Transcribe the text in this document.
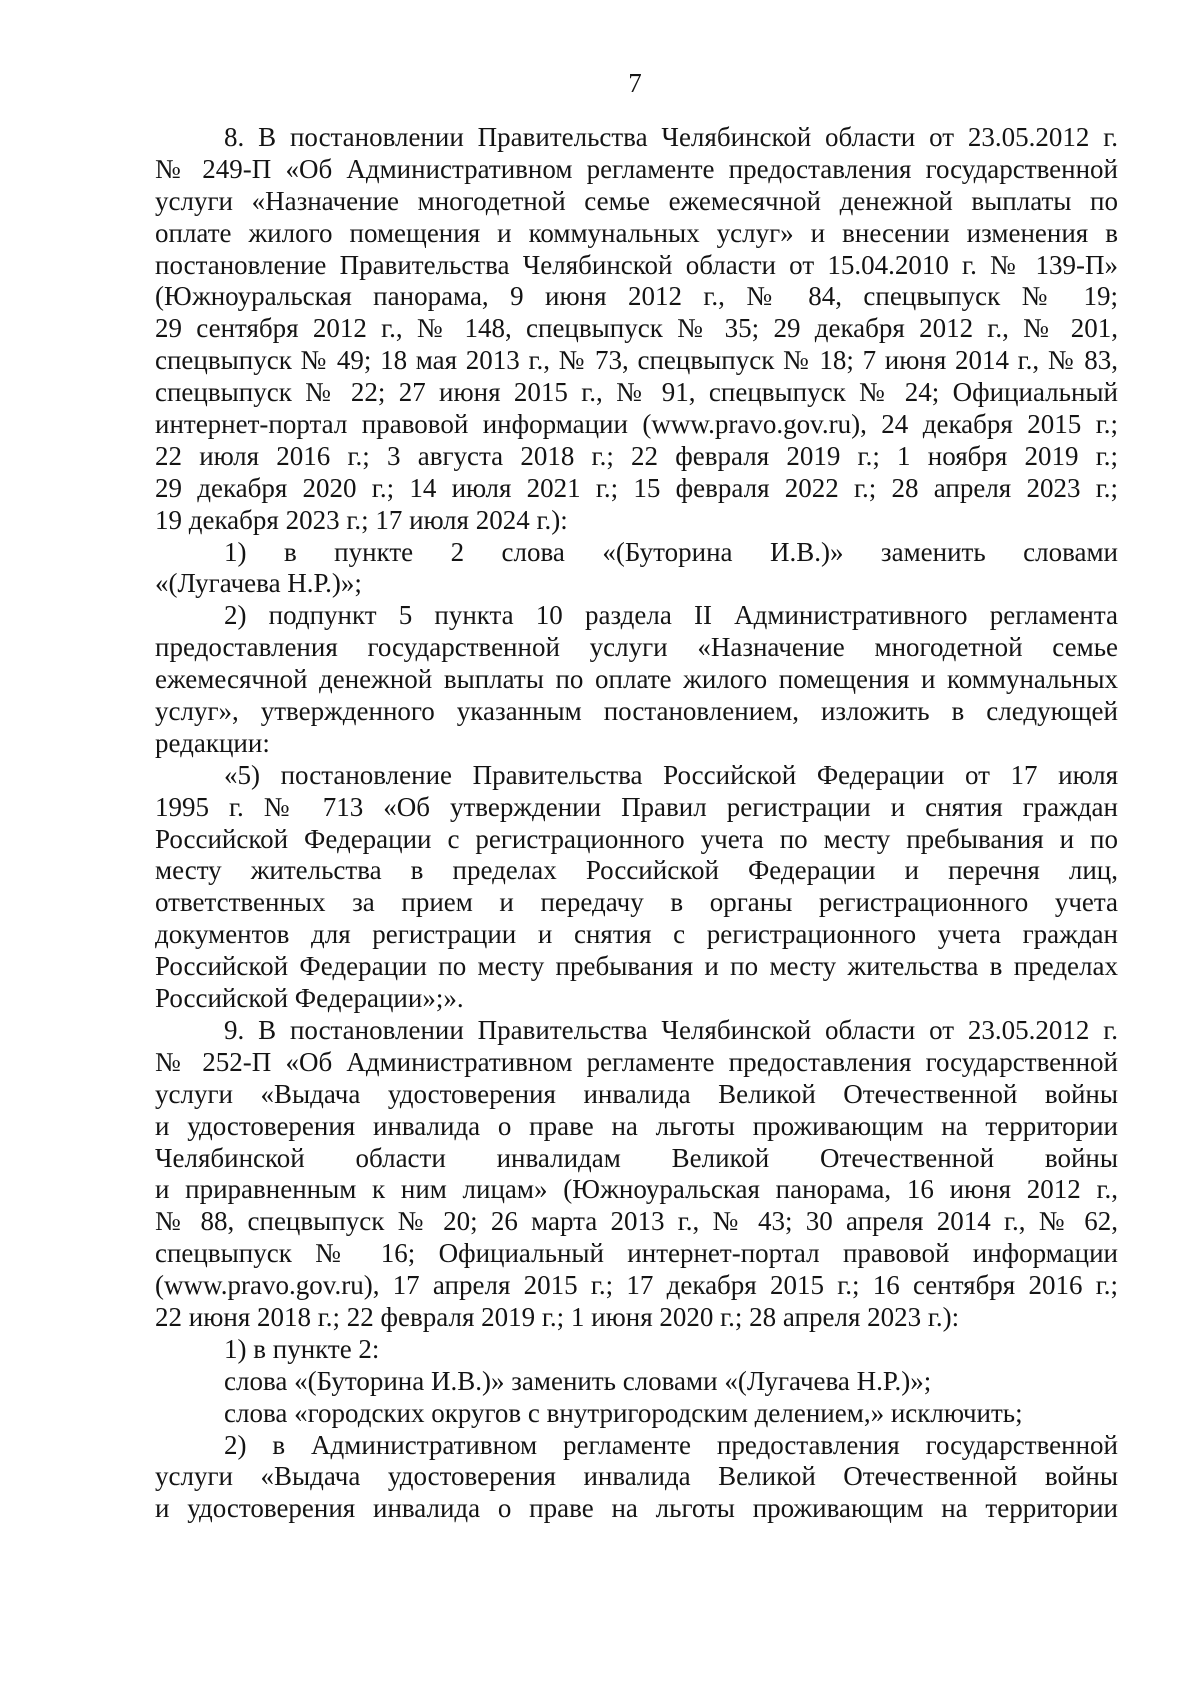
7
8. В постановлении Правительства Челябинской области от 23.05.2012 г.
№ 249-П «Об Административном регламенте предоставления государственной
услуги «Назначение многодетной семье ежемесячной денежной выплаты по
оплате жилого помещения и коммунальных услуг» и внесении изменения в
постановление Правительства Челябинской области от 15.04.2010 г. № 139-П»
(Южноуральская панорама, 9 июня 2012 г., № 84, спецвыпуск № 19;
29 сентября 2012 г., № 148, спецвыпуск № 35; 29 декабря 2012 г., № 201,
спецвыпуск № 49; 18 мая 2013 г., № 73, спецвыпуск № 18; 7 июня 2014 г., № 83,
спецвыпуск № 22; 27 июня 2015 г., № 91, спецвыпуск № 24; Официальный
интернет-портал правовой информации (www.pravo.gov.ru), 24 декабря 2015 г.;
22 июля 2016 г.; 3 августа 2018 г.; 22 февраля 2019 г.; 1 ноября 2019 г.;
29 декабря 2020 г.; 14 июля 2021 г.; 15 февраля 2022 г.; 28 апреля 2023 г.;
19 декабря 2023 г.; 17 июля 2024 г.):
1) в пункте 2 слова «(Буторина И.В.)» заменить словами
«(Лугачева Н.Р.)»;
2) подпункт 5 пункта 10 раздела II Административного регламента
предоставления государственной услуги «Назначение многодетной семье
ежемесячной денежной выплаты по оплате жилого помещения и коммунальных
услуг», утвержденного указанным постановлением, изложить в следующей
редакции:
«5) постановление Правительства Российской Федерации от 17 июля
1995 г. № 713 «Об утверждении Правил регистрации и снятия граждан
Российской Федерации с регистрационного учета по месту пребывания и по
месту жительства в пределах Российской Федерации и перечня лиц,
ответственных за прием и передачу в органы регистрационного учета
документов для регистрации и снятия с регистрационного учета граждан
Российской Федерации по месту пребывания и по месту жительства в пределах
Российской Федерации»;».
9. В постановлении Правительства Челябинской области от 23.05.2012 г.
№ 252-П «Об Административном регламенте предоставления государственной
услуги «Выдача удостоверения инвалида Великой Отечественной войны
и удостоверения инвалида о праве на льготы проживающим на территории
Челябинской области инвалидам Великой Отечественной войны
и приравненным к ним лицам» (Южноуральская панорама, 16 июня 2012 г.,
№ 88, спецвыпуск № 20; 26 марта 2013 г., № 43; 30 апреля 2014 г., № 62,
спецвыпуск № 16; Официальный интернет-портал правовой информации
(www.pravo.gov.ru), 17 апреля 2015 г.; 17 декабря 2015 г.; 16 сентября 2016 г.;
22 июня 2018 г.; 22 февраля 2019 г.; 1 июня 2020 г.; 28 апреля 2023 г.):
1) в пункте 2:
слова «(Буторина И.В.)» заменить словами «(Лугачева Н.Р.)»;
слова «городских округов с внутригородским делением,» исключить;
2) в Административном регламенте предоставления государственной
услуги «Выдача удостоверения инвалида Великой Отечественной войны
и удостоверения инвалида о праве на льготы проживающим на территории
